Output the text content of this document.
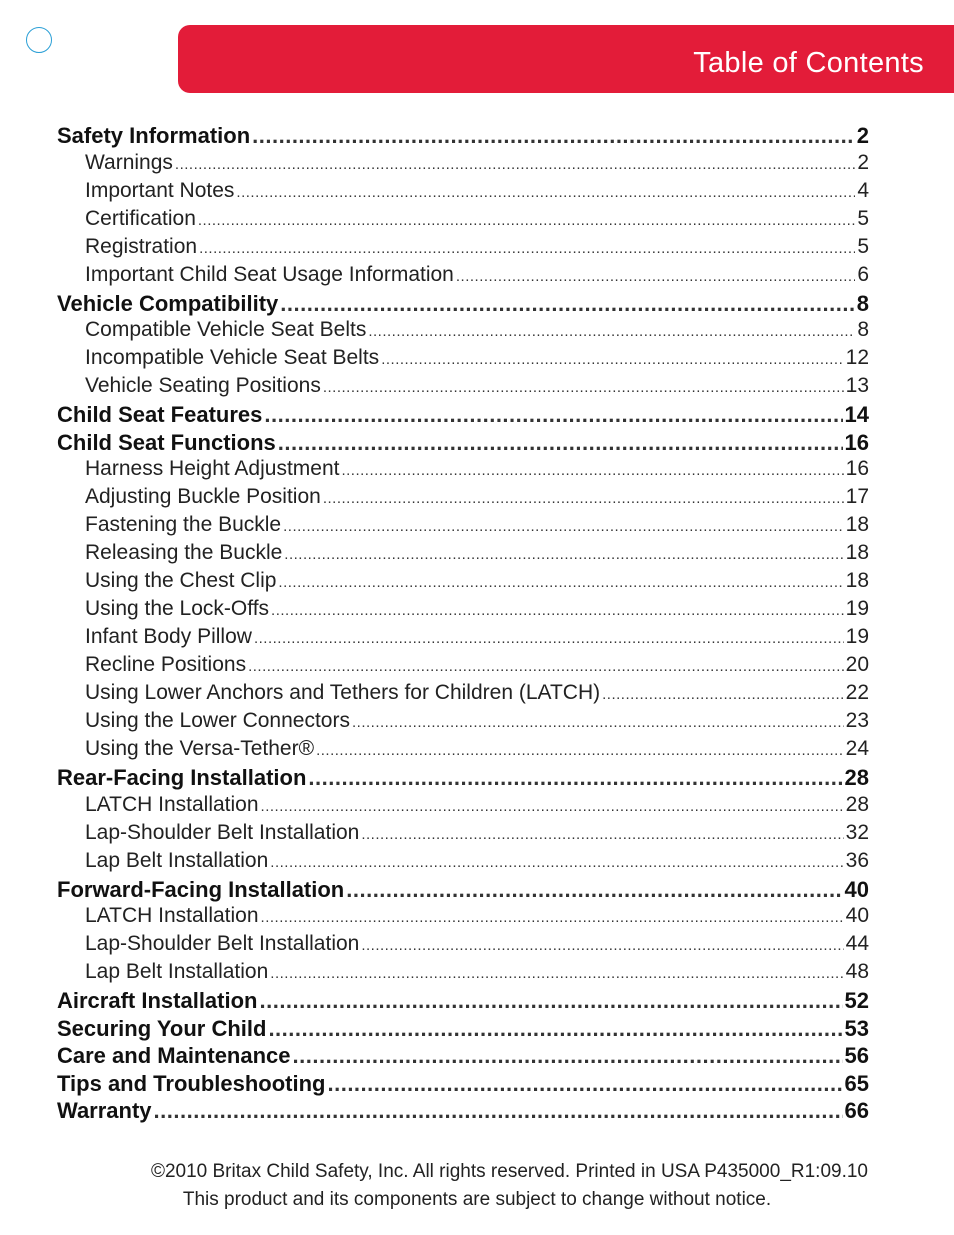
Table of Contents
Safety Information .....	2
Warnings .....	2
Important Notes .....	4
Certification .....	5
Registration .....	5
Important Child Seat Usage Information .....	6
Vehicle Compatibility .....	8
Compatible Vehicle Seat Belts .....	8
Incompatible Vehicle Seat Belts .....	12
Vehicle Seating Positions .....	13
Child Seat Features .....	14
Child Seat Functions .....	16
Harness Height Adjustment .....	16
Adjusting Buckle Position .....	17
Fastening the Buckle .....	18
Releasing the Buckle .....	18
Using the Chest Clip .....	18
Using the Lock-Offs .....	19
Infant Body Pillow .....	19
Recline Positions .....	20
Using Lower Anchors and Tethers for Children (LATCH) .....	22
Using the Lower Connectors .....	23
Using the Versa-Tether® .....	24
Rear-Facing Installation .....	28
LATCH Installation .....	28
Lap-Shoulder Belt Installation .....	32
Lap Belt Installation .....	36
Forward-Facing Installation .....	40
LATCH Installation .....	40
Lap-Shoulder Belt Installation .....	44
Lap Belt Installation .....	48
Aircraft Installation .....	52
Securing Your Child .....	53
Care and Maintenance .....	56
Tips and Troubleshooting .....	65
Warranty .....	66
©2010 Britax Child Safety, Inc. All rights reserved. Printed in USA P435000_R1:09.10
This product and its components are subject to change without notice.
